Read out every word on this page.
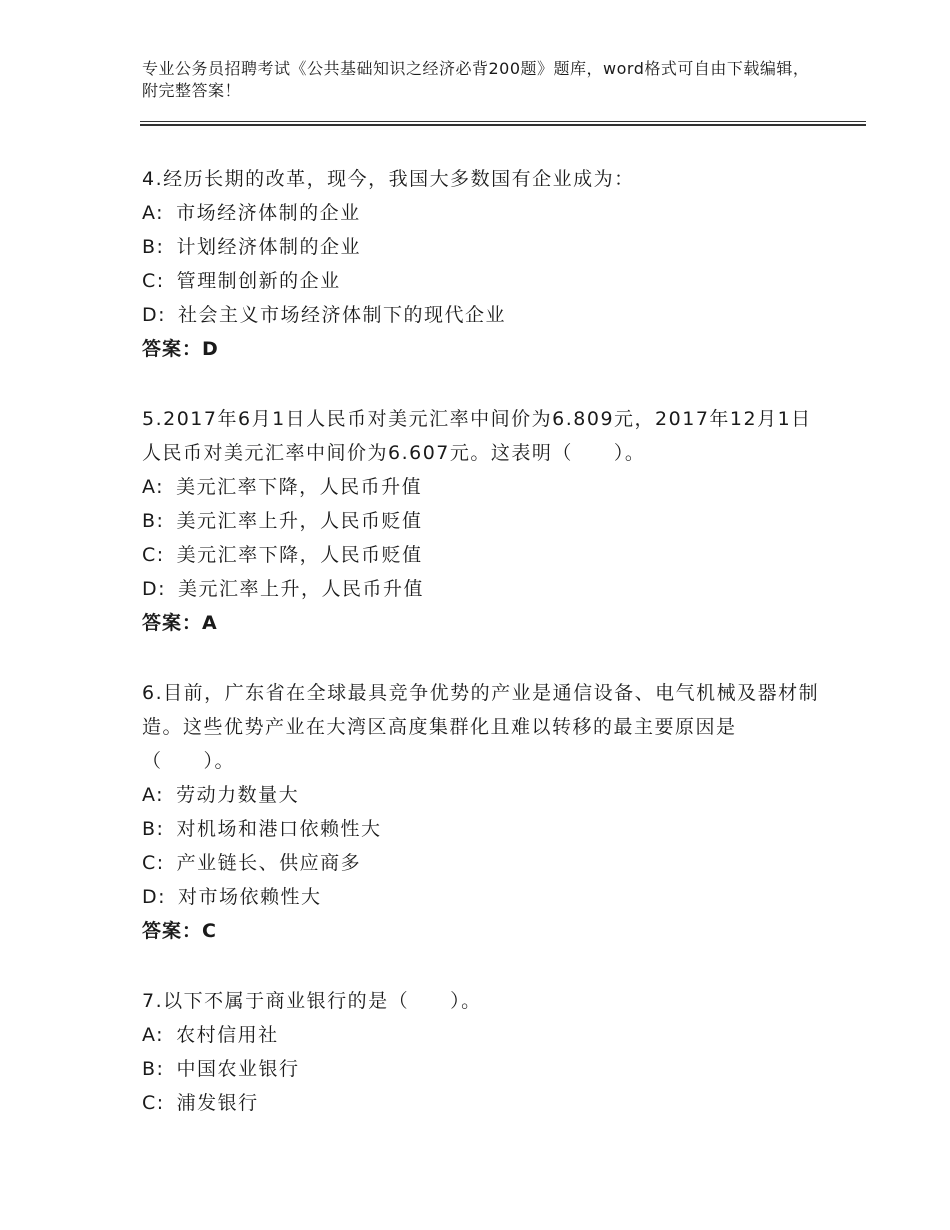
专业公务员招聘考试《公共基础知识之经济必背200题》题库，word格式可自由下载编辑，附完整答案！

4.经历长期的改革，现今，我国大多数国有企业成为：

A: 市场经济体制的企业

B: 计划经济体制的企业

C: 管理制创新的企业

D: 社会主义市场经济体制下的现代企业

答案：D

5.2017年6月1日人民币对美元汇率中间价为6.809元，2017年12月1日人民币对美元汇率中间价为6.607元。这表明（　　）。

A: 美元汇率下降，人民币升值

B: 美元汇率上升，人民币贬值

C: 美元汇率下降，人民币贬值

D: 美元汇率上升，人民币升值

答案：A

6.目前，广东省在全球最具竞争优势的产业是通信设备、电气机械及器材制造。这些优势产业在大湾区高度集群化且难以转移的最主要原因是（　　）。

A: 劳动力数量大

B: 对机场和港口依赖性大

C: 产业链长、供应商多

D: 对市场依赖性大

答案：C

7.以下不属于商业银行的是（　　）。

A: 农村信用社

B: 中国农业银行

C: 浦发银行
